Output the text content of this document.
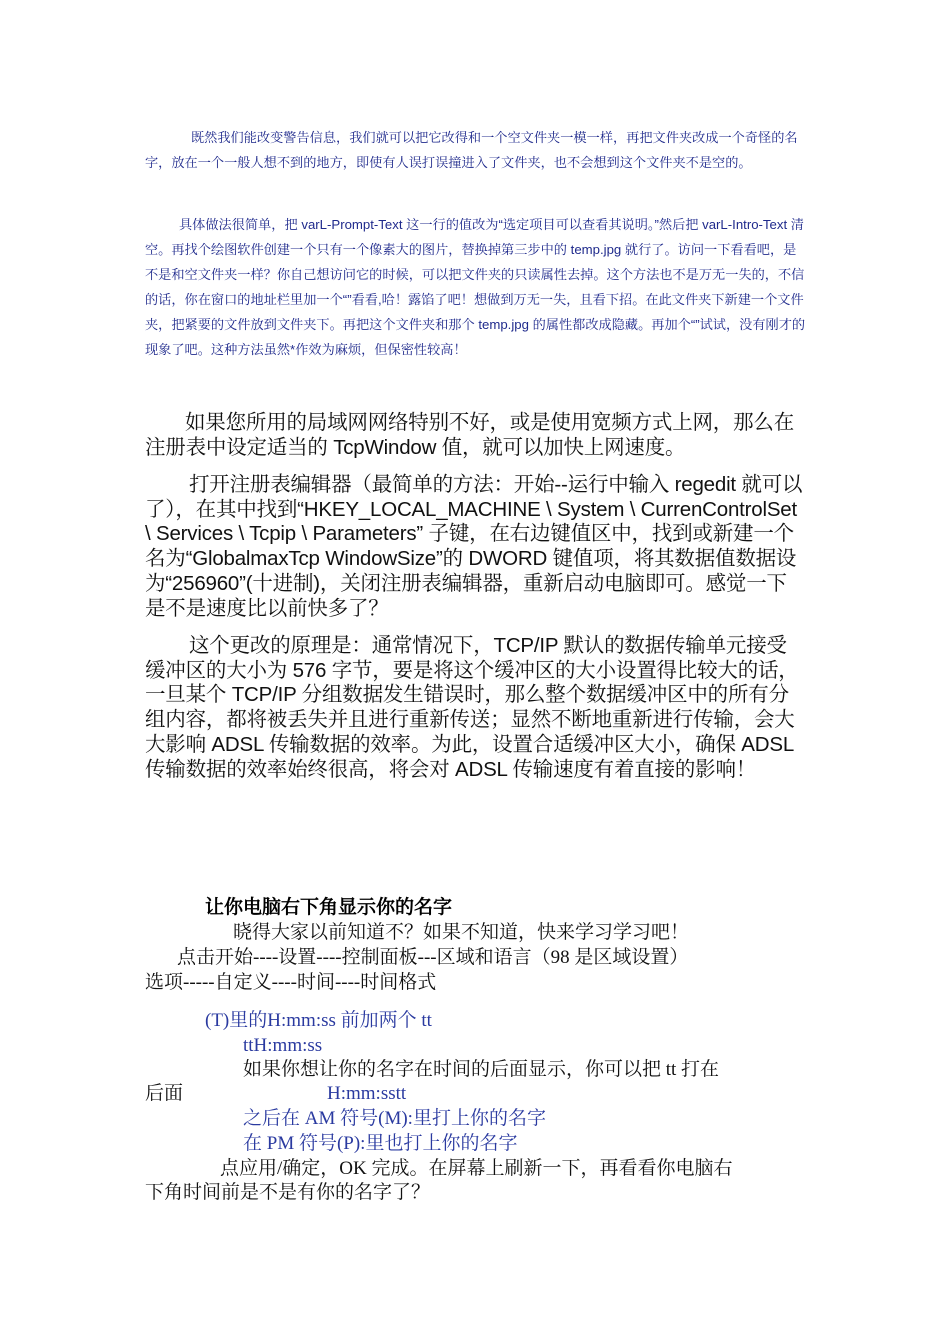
既然我们能改变警告信息，我们就可以把它改得和一个空文件夹一模一样，再把文件夹改成一个奇怪的名字，放在一个一般人想不到的地方，即使有人误打误撞进入了文件夹，也不会想到这个文件夹不是空的。
具体做法很简单，把 varL-Prompt-Text 这一行的值改为“选定项目可以查看其说明。”然后把 varL-Intro-Text 清空。再找个绘图软件创建一个只有一个像素大的图片，替换掉第三步中的 temp.jpg 就行了。访问一下看看吧，是不是和空文件夹一样？你自己想访问它的时候，可以把文件夹的只读属性去掉。这个方法也不是万无一失的，不信的话，你在窗口的地址栏里加一个“”看看,哈！露馅了吧！想做到万无一失，且看下招。在此文件夹下新建一个文件夹，把紧要的文件放到文件夹下。再把这个文件夹和那个 temp.jpg 的属性都改成隐藏。再加个“”试试，没有刚才的现象了吧。这种方法虽然*作效为麻烦，但保密性较高！
如果您所用的局域网网络特别不好，或是使用宽频方式上网，那么在注册表中设定适当的 TcpWindow 值，就可以加快上网速度。
打开注册表编辑器（最简单的方法：开始--运行中输入 regedit 就可以了），在其中找到“HKEY_LOCAL_MACHINE \ System \ CurrenControlSet \ Services \ Tcpip \ Parameters” 子键，在右边键值区中，找到或新建一个名为“GlobalmaxTcp WindowSize”的 DWORD 键值项，将其数据值数据设为“256960”(十进制)，关闭注册表编辑器，重新启动电脑即可。感觉一下是不是速度比以前快多了？
这个更改的原理是：通常情况下，TCP/IP 默认的数据传输单元接受缓冲区的大小为 576 字节，要是将这个缓冲区的大小设置得比较大的话，一旦某个 TCP/IP 分组数据发生错误时，那么整个数据缓冲区中的所有分组内容，都将被丢失并且进行重新传送；显然不断地重新进行传输，会大大影响 ADSL 传输数据的效率。为此，设置合适缓冲区大小，确保 ADSL 传输数据的效率始终很高，将会对 ADSL 传输速度有着直接的影响！
让你电脑右下角显示你的名字
晓得大家以前知道不？如果不知道，快来学习学习吧！
点击开始----设置----控制面板---区域和语言（98 是区域设置）
选项-----自定义----时间----时间格式
(T)里的H:mm:ss 前加两个 tt
ttH:mm:ss
如果你想让你的名字在时间的后面显示，你可以把 tt 打在
后面	H:mm:sstt
之后在 AM 符号(M):里打上你的名字
在 PM 符号(P):里也打上你的名字
点应用/确定，OK 完成。在屏幕上刷新一下，再看看你电脑右
下角时间前是不是有你的名字了？
